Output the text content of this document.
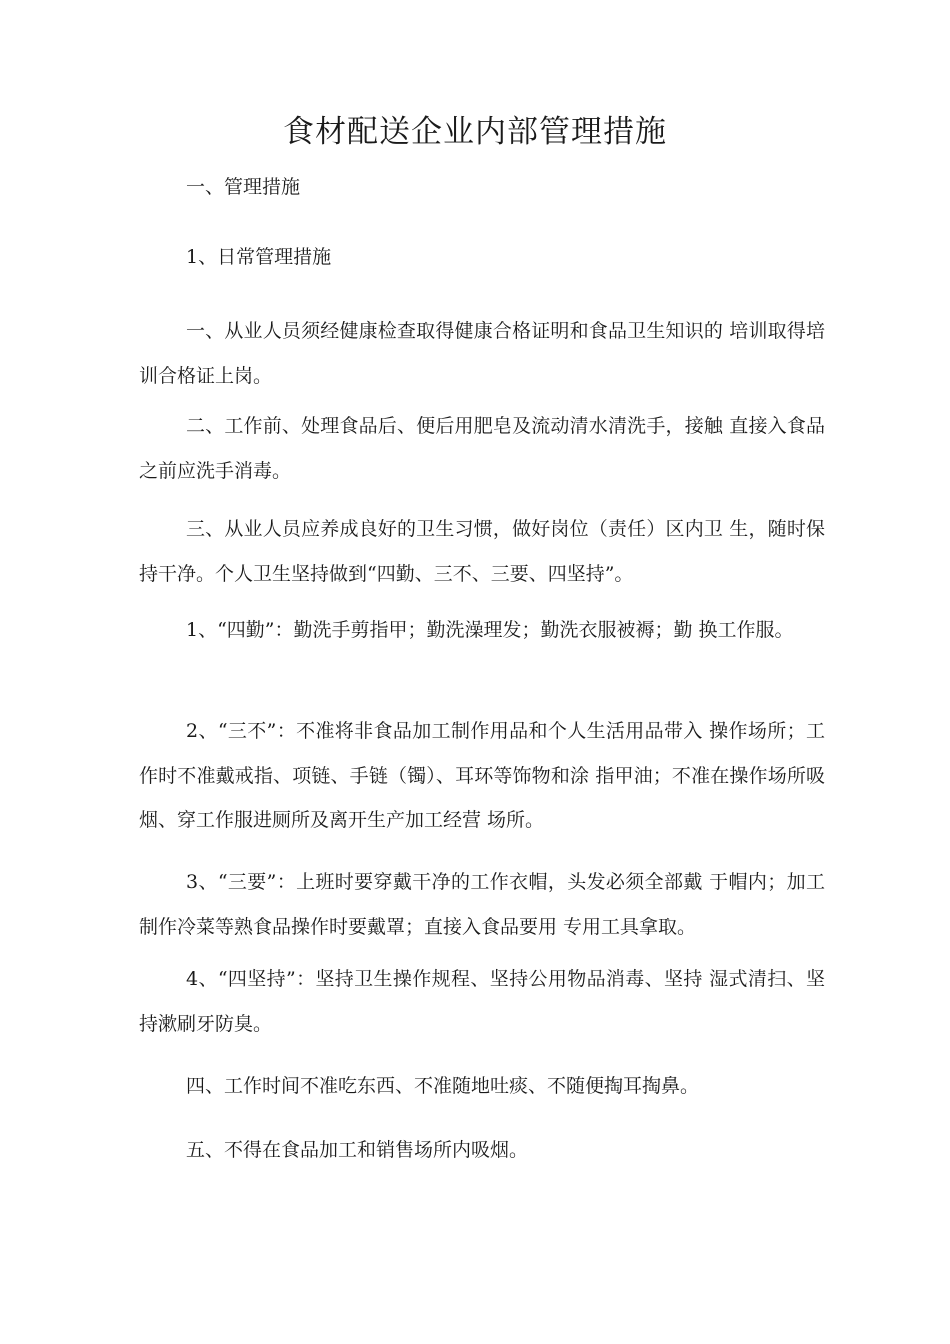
食材配送企业内部管理措施

一、管理措施

1、日常管理措施

一、从业人员须经健康检查取得健康合格证明和食品卫生知识的 培训取得培训合格证上岗。

二、工作前、处理食品后、便后用肥皂及流动清水清洗手，接触 直接入食品之前应洗手消毒。

三、从业人员应养成良好的卫生习惯，做好岗位（责任）区内卫 生，随时保持干净。个人卫生坚持做到“四勤、三不、三要、四坚持”。

1、“四勤”：勤洗手剪指甲；勤洗澡理发；勤洗衣服被褥；勤 换工作服。

2、“三不”：不准将非食品加工制作用品和个人生活用品带入 操作场所；工作时不准戴戒指、项链、手链（镯）、耳环等饰物和涂 指甲油；不准在操作场所吸烟、穿工作服进厕所及离开生产加工经营 场所。

3、“三要”：上班时要穿戴干净的工作衣帽，头发必须全部戴 于帽内；加工制作冷菜等熟食品操作时要戴罩；直接入食品要用 专用工具拿取。

4、“四坚持”：坚持卫生操作规程、坚持公用物品消毒、坚持 湿式清扫、坚持漱刷牙防臭。

四、工作时间不准吃东西、不准随地吐痰、不随便掏耳掏鼻。

五、不得在食品加工和销售场所内吸烟。
